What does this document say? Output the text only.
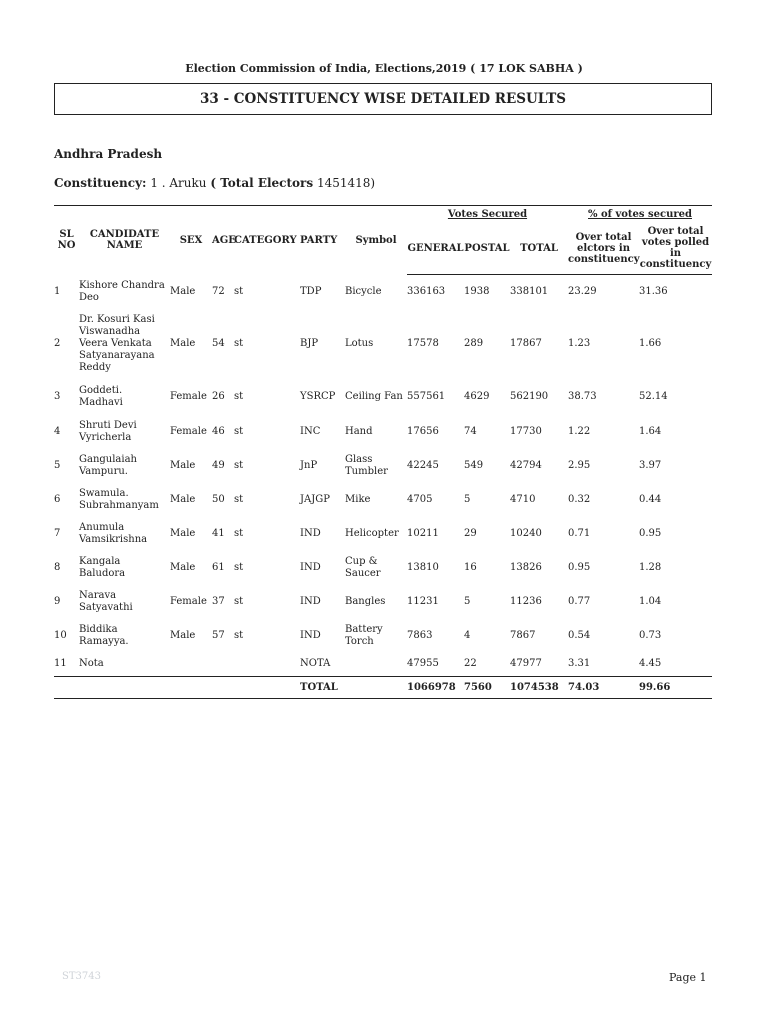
Election Commission of India, Elections,2019 ( 17 LOK SABHA )
33 - CONSTITUENCY WISE DETAILED RESULTS
Andhra Pradesh
Constituency: 1 . Aruku ( Total Electors 1451418)
SL NO	CANDIDATE NAME	SEX	AGE	CATEGORY	PARTY	Symbol	Votes Secured			% of votes secured	
							GENERAL	POSTAL	TOTAL	Over total elctors in constituency	Over total votes polled in constituency
1	Kishore Chandra Deo	Male	72	st	TDP	Bicycle	336163	1938	338101	23.29	31.36
2	Dr. Kosuri Kasi Viswanadha Veera Venkata Satyanarayana Reddy	Male	54	st	BJP	Lotus	17578	289	17867	1.23	1.66
3	Goddeti. Madhavi	Female	26	st	YSRCP	Ceiling Fan	557561	4629	562190	38.73	52.14
4	Shruti Devi Vyricherla	Female	46	st	INC	Hand	17656	74	17730	1.22	1.64
5	Gangulaiah Vampuru.	Male	49	st	JnP	Glass Tumbler	42245	549	42794	2.95	3.97
6	Swamula. Subrahmanyam	Male	50	st	JAJGP	Mike	4705	5	4710	0.32	0.44
7	Anumula Vamsikrishna	Male	41	st	IND	Helicopter	10211	29	10240	0.71	0.95
8	Kangala Baludora	Male	61	st	IND	Cup & Saucer	13810	16	13826	0.95	1.28
9	Narava Satyavathi	Female	37	st	IND	Bangles	11231	5	11236	0.77	1.04
10	Biddika Ramayya.	Male	57	st	IND	Battery Torch	7863	4	7867	0.54	0.73
11	Nota				NOTA		47955	22	47977	3.31	4.45
					TOTAL		1066978	7560	1074538	74.03	99.66
ST3743	Page 1
